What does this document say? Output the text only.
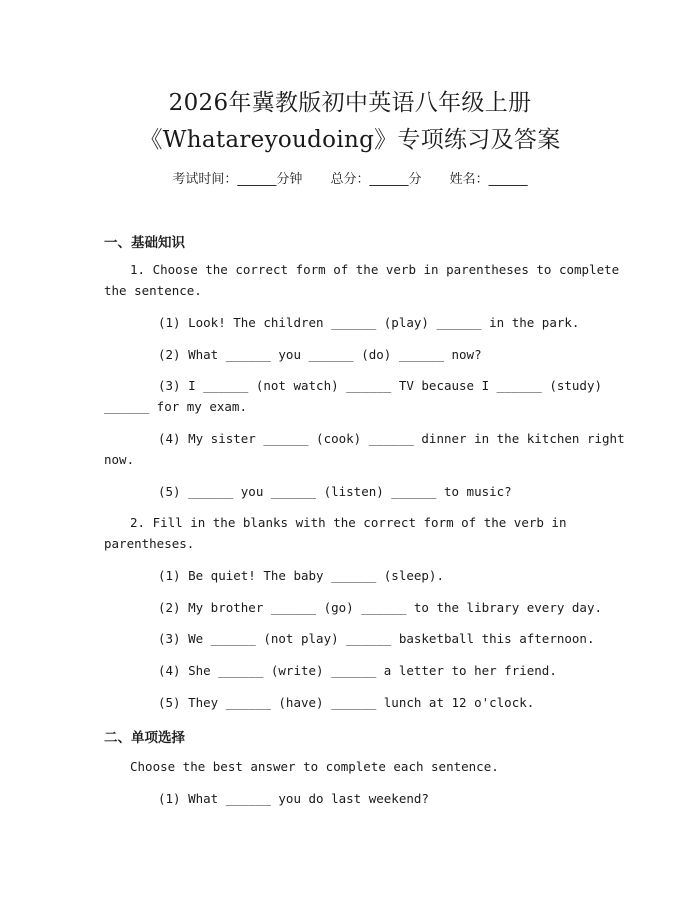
2026年冀教版初中英语八年级上册
《Whatareyoudoing》专项练习及答案
考试时间：______分钟 总分：______分 姓名：______
一、基础知识
1. Choose the correct form of the verb in parentheses to complete
the sentence.
(1) Look! The children ______ (play) ______ in the park.
(2) What ______ you ______ (do) ______ now?
(3) I ______ (not watch) ______ TV because I ______ (study)
______ for my exam.
(4) My sister ______ (cook) ______ dinner in the kitchen right
now.
(5) ______ you ______ (listen) ______ to music?
2. Fill in the blanks with the correct form of the verb in
parentheses.
(1) Be quiet! The baby ______ (sleep).
(2) My brother ______ (go) ______ to the library every day.
(3) We ______ (not play) ______ basketball this afternoon.
(4) She ______ (write) ______ a letter to her friend.
(5) They ______ (have) ______ lunch at 12 o'clock.
二、单项选择
Choose the best answer to complete each sentence.
(1) What ______ you do last weekend?
